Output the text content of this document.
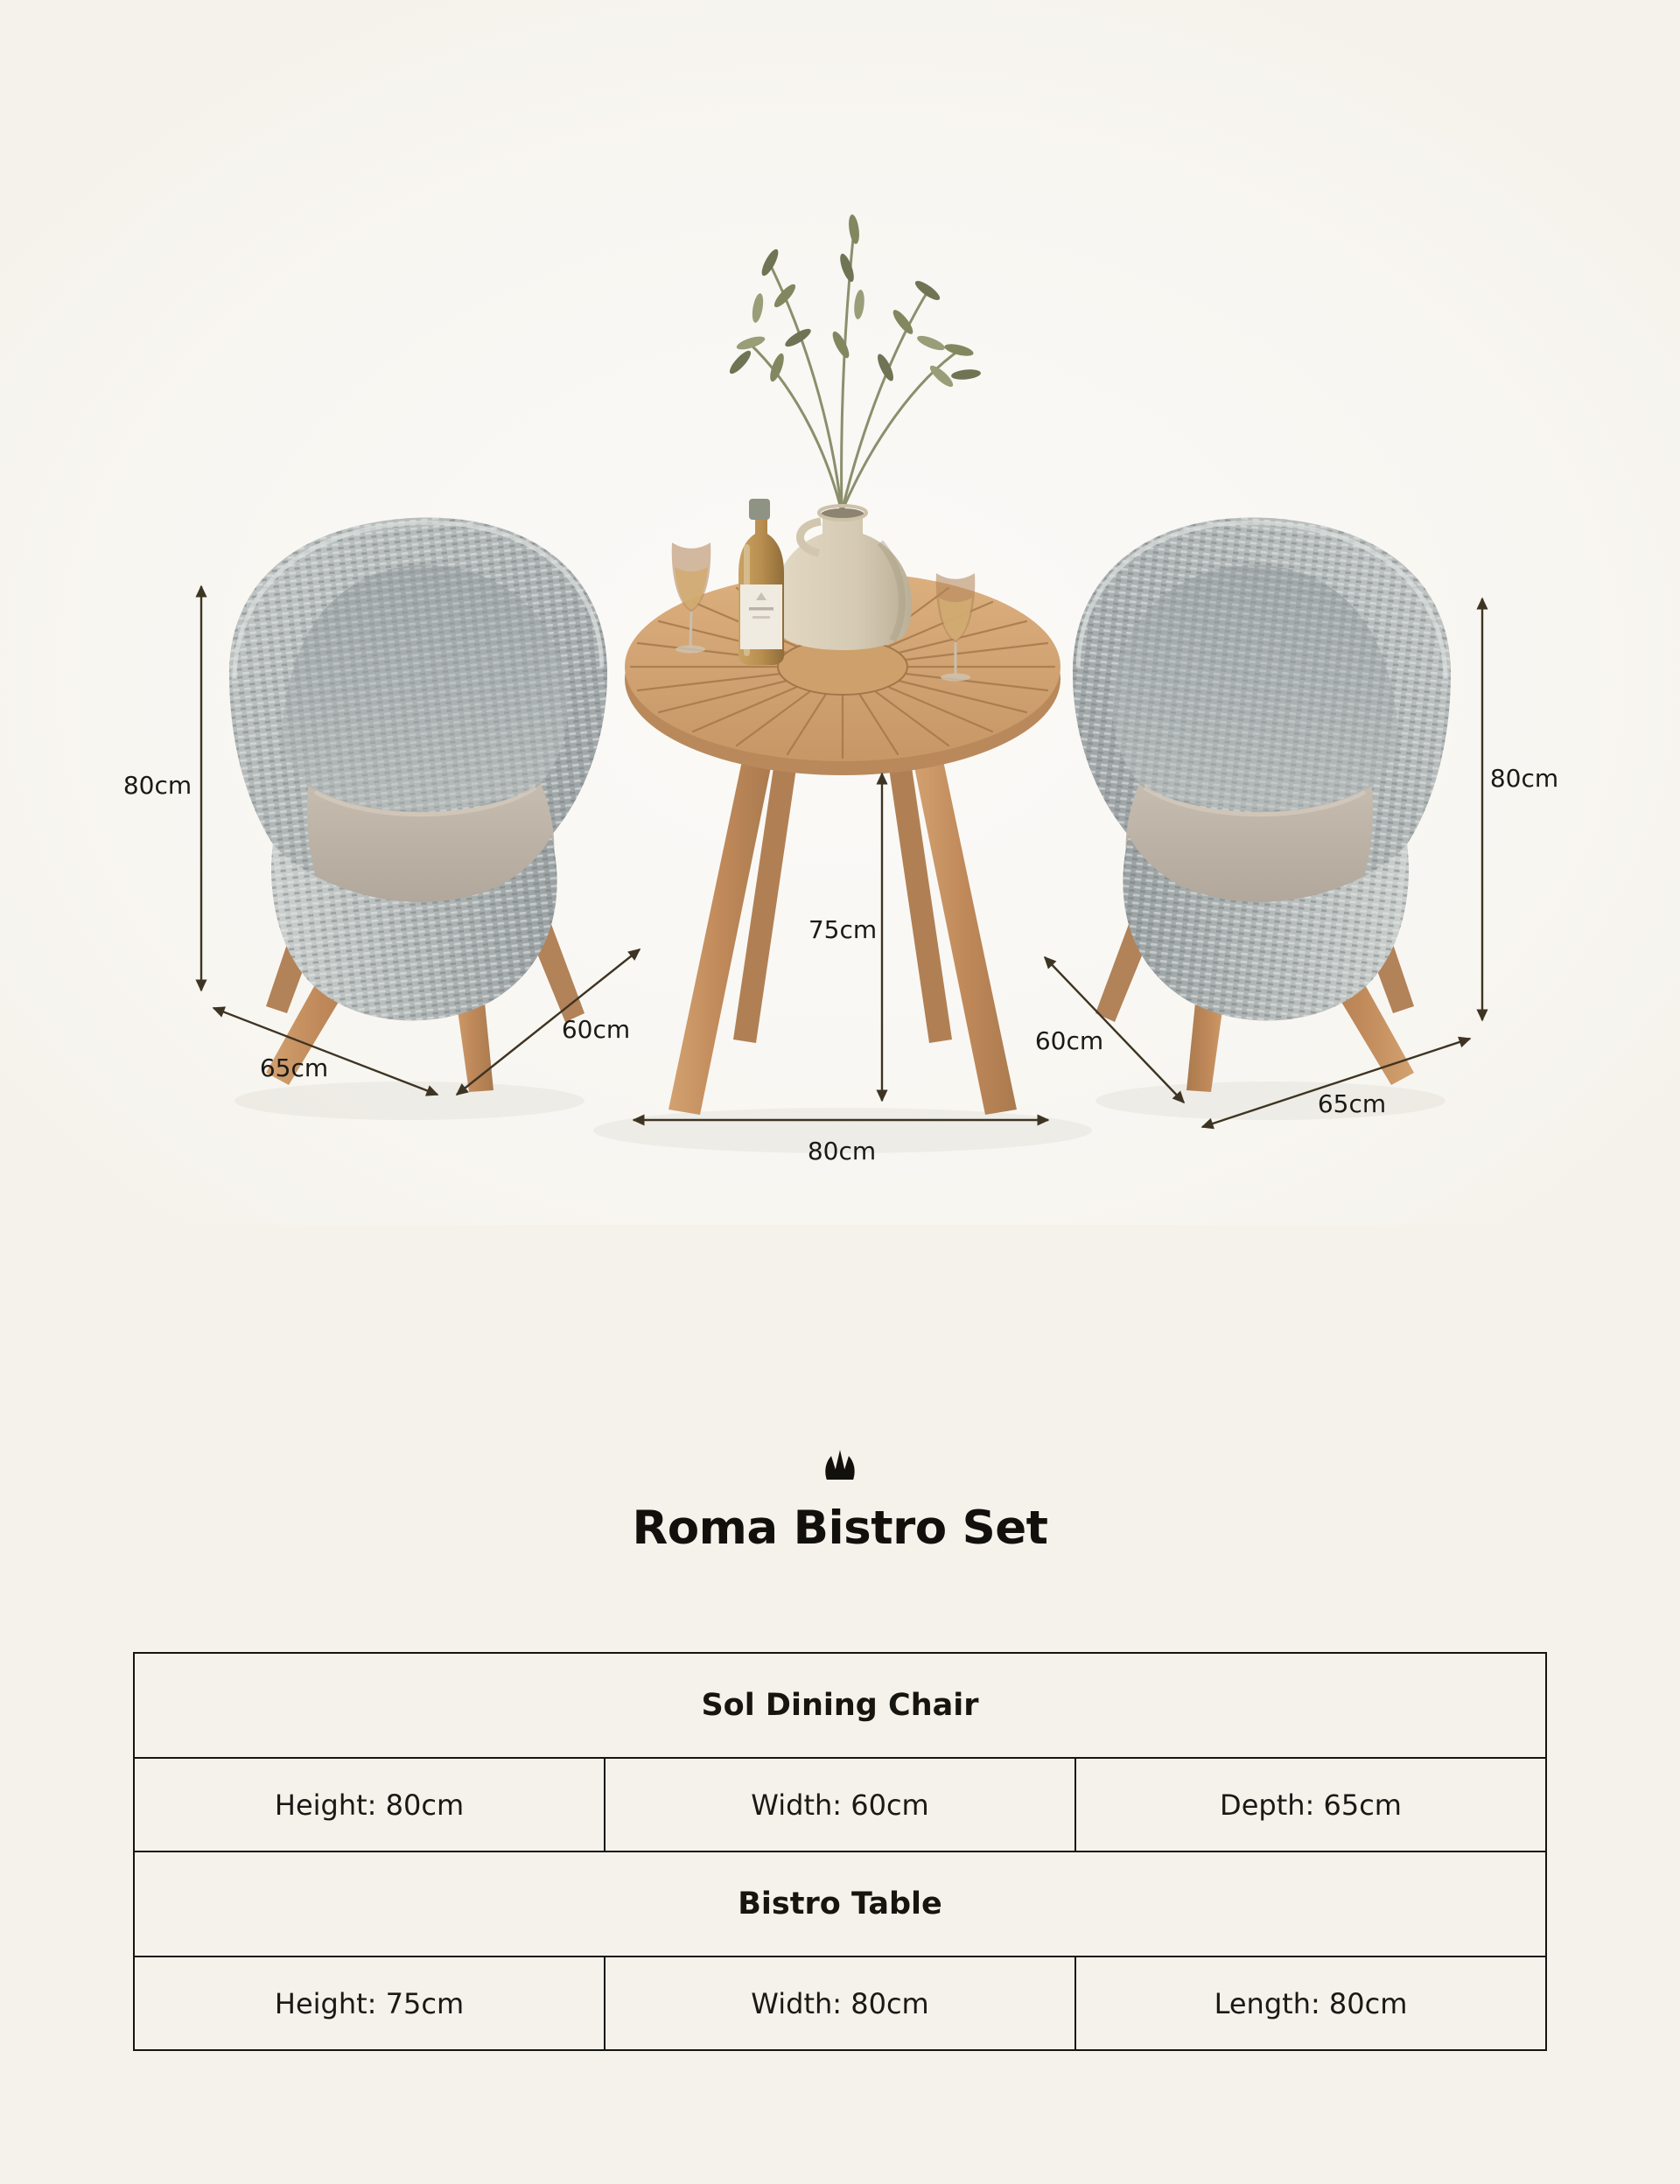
80cm
65cm
60cm
75cm
80cm
60cm
65cm
80cm
Roma Bistro Set
Sol Dining Chair
Height: 80cm	Width: 60cm	Depth: 65cm
Bistro Table
Height: 75cm	Width: 80cm	Length: 80cm
